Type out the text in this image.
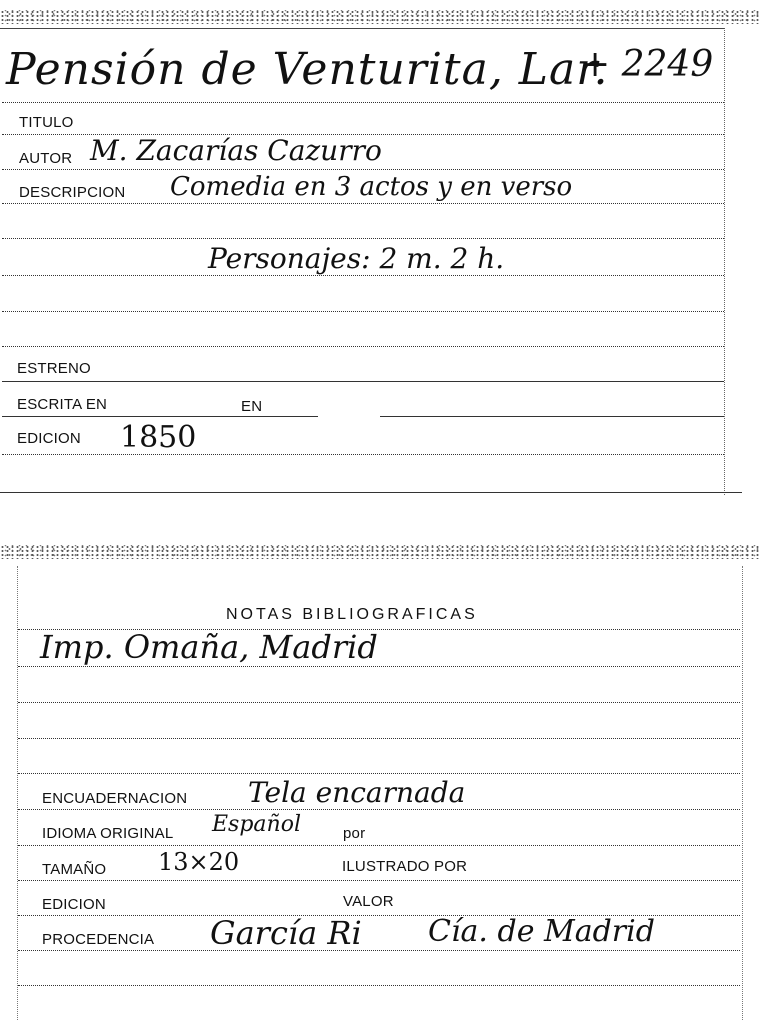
Pensión de Venturita, Lar.
+ 2249
TITULO
AUTOR M. Zacarías Cazurro
DESCRIPCION Comedia en 3 actos y en verso
Personajes: 2 m. 2 h.
ESTRENO
ESCRITA EN	EN
EDICION 1850
NOTAS BIBLIOGRAFICAS
Imp. Omaña, Madrid
ENCUADERNACION Tela encarnada
IDIOMA ORIGINAL Español	por
TAMAÑO 13×20	ILUSTRADO POR
EDICION	VALOR
PROCEDENCIA García Ri Cía. de Madrid
